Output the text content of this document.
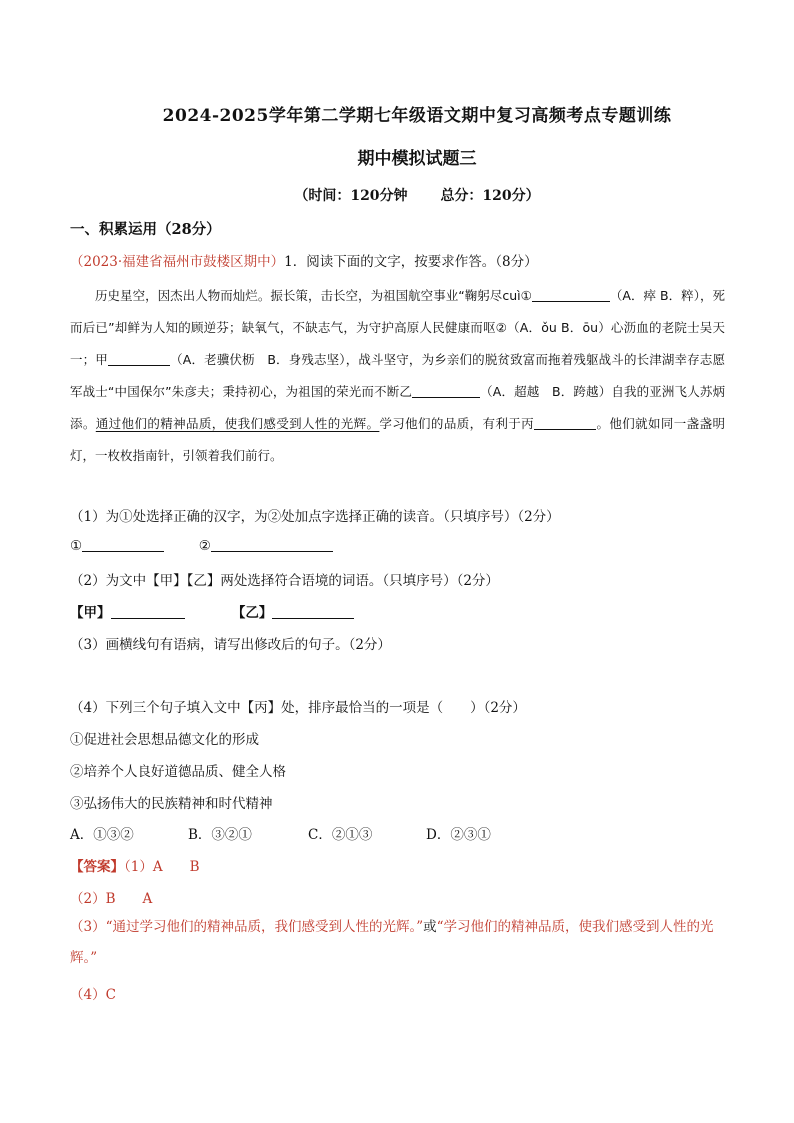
2024-2025学年第二学期七年级语文期中复习高频考点专题训练
期中模拟试题三
（时间：120分钟 总分：120分）
一、积累运用（28分）
（2023·福建省福州市鼓楼区期中）1．阅读下面的文字，按要求作答。（8分）

历史星空，因杰出人物而灿烂。振长策，击长空，为祖国航空事业“鞠躬尽cuì①	（A．瘁 B．粹），死而后已”却鲜为人知的顾逆芬；缺氧气，不缺志气，为守护高原人民健康而呕②（A．ǒu B．ōu）心沥血的老院士吴天一；甲	（A．老骥伏枥　B．身残志坚），战斗坚守，为乡亲们的脱贫致富而拖着残躯战斗的长津湖幸存志愿军战士“中国保尔”朱彦夫；秉持初心，为祖国的荣光而不断乙	（A．超越　B．跨越）自我的亚洲飞人苏炳添。通过他们的精神品质，使我们感受到人性的光辉。学习他们的品质，有利于丙	。他们就如同一盏盏明灯，一枚枚指南针，引领着我们前行。

（1）为①处选择正确的汉字，为②处加点字选择正确的读音。（只填序号）（2分）
①	②
（2）为文中【甲】【乙】两处选择符合语境的词语。（只填序号）（2分）
【甲】	【乙】
（3）画横线句有语病，请写出修改后的句子。（2分）
（4）下列三个句子填入文中【丙】处，排序最恰当的一项是（　　）（2分）
①促进社会思想品德文化的形成
②培养个人良好道德品质、健全人格
③弘扬伟大的民族精神和时代精神
A．①③②	B．③②①	C．②①③	D．②③①
【答案】（1）A　　B
（2）B　　A
（3）“通过学习他们的精神品质，我们感受到人性的光辉。”或“学习他们的精神品质，使我们感受到人性的光辉。”
（4）C
